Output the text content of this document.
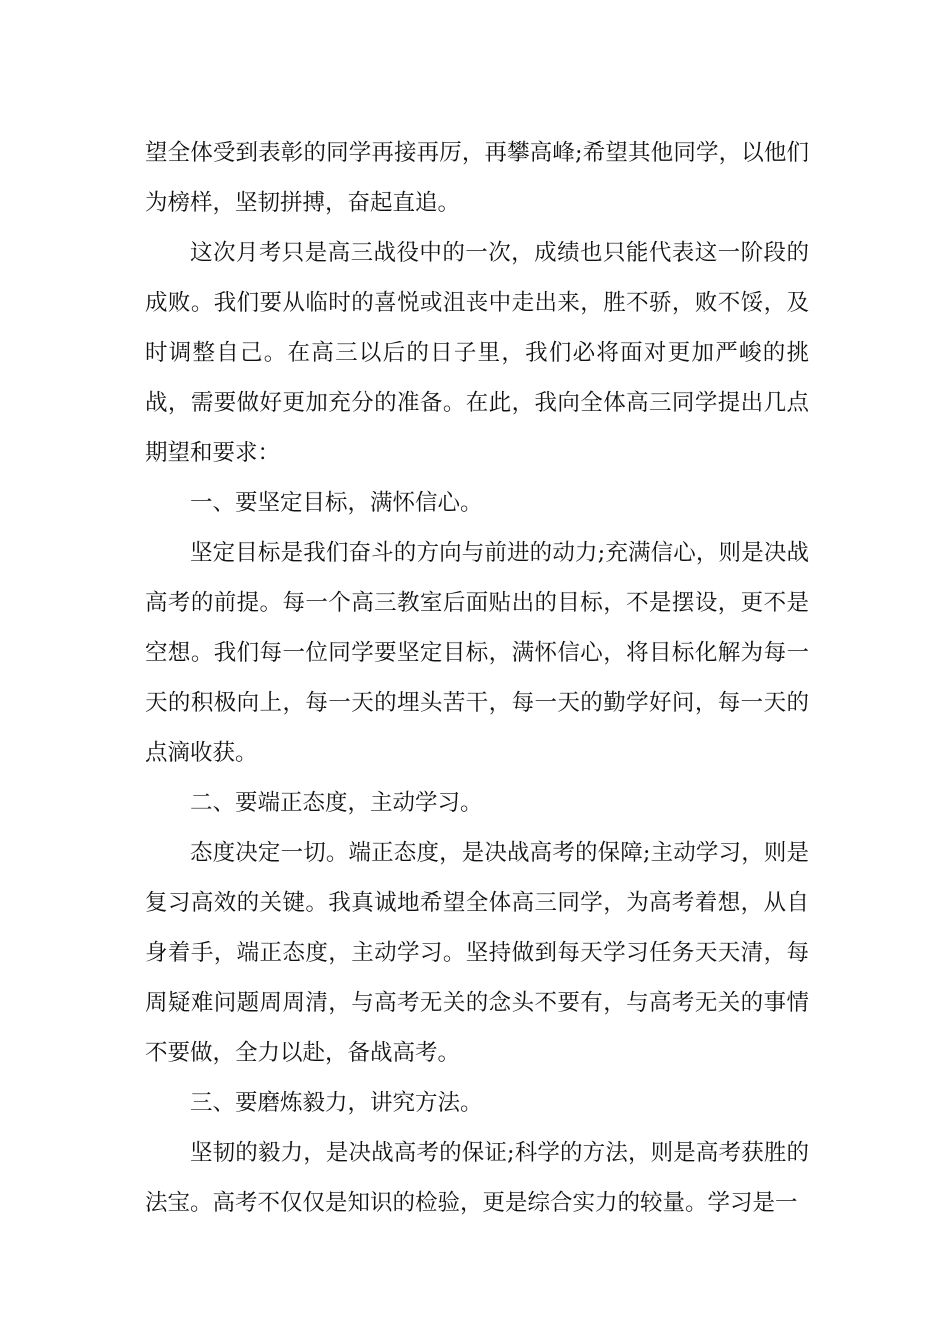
望全体受到表彰的同学再接再厉，再攀高峰;希望其他同学，以他们为榜样，坚韧拼搏，奋起直追。

这次月考只是高三战役中的一次，成绩也只能代表这一阶段的成败。我们要从临时的喜悦或沮丧中走出来，胜不骄，败不馁，及时调整自己。在高三以后的日子里，我们必将面对更加严峻的挑战，需要做好更加充分的准备。在此，我向全体高三同学提出几点期望和要求：

一、要坚定目标，满怀信心。

坚定目标是我们奋斗的方向与前进的动力;充满信心，则是决战高考的前提。每一个高三教室后面贴出的目标，不是摆设，更不是空想。我们每一位同学要坚定目标，满怀信心，将目标化解为每一天的积极向上，每一天的埋头苦干，每一天的勤学好问，每一天的点滴收获。

二、要端正态度，主动学习。

态度决定一切。端正态度，是决战高考的保障;主动学习，则是复习高效的关键。我真诚地希望全体高三同学，为高考着想，从自身着手，端正态度，主动学习。坚持做到每天学习任务天天清，每周疑难问题周周清，与高考无关的念头不要有，与高考无关的事情不要做，全力以赴，备战高考。

三、要磨炼毅力，讲究方法。

坚韧的毅力，是决战高考的保证;科学的方法，则是高考获胜的法宝。高考不仅仅是知识的检验，更是综合实力的较量。学习是一
